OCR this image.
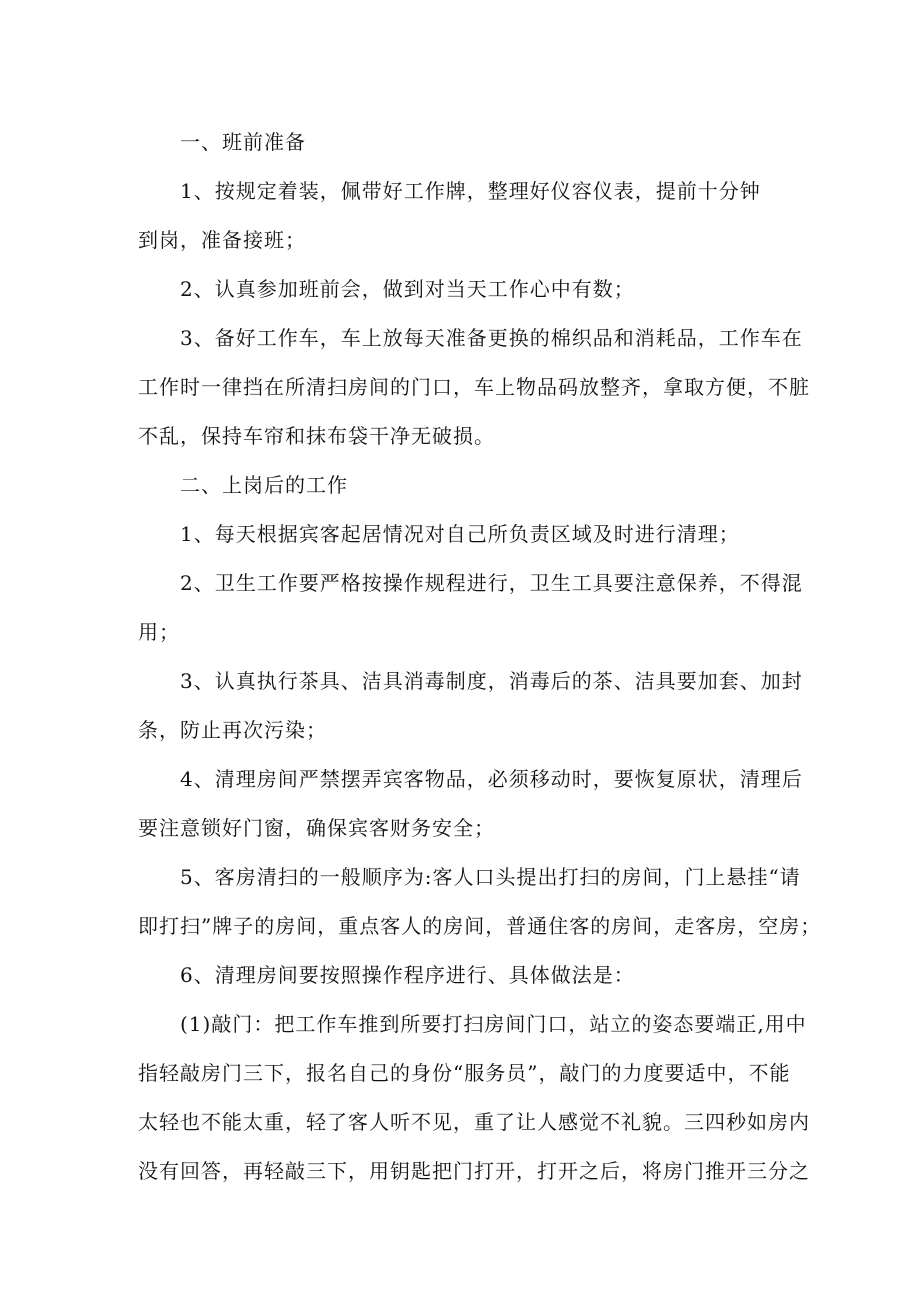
一、班前准备

1、按规定着装，佩带好工作牌，整理好仪容仪表，提前十分钟

到岗，准备接班；

2、认真参加班前会，做到对当天工作心中有数；

3、备好工作车，车上放每天准备更换的棉织品和消耗品，工作车在

工作时一律挡在所清扫房间的门口，车上物品码放整齐，拿取方便，不脏
不乱，保持车帘和抹布袋干净无破损。

二、上岗后的工作

1、每天根据宾客起居情况对自己所负责区域及时进行清理；

2、卫生工作要严格按操作规程进行，卫生工具要注意保养，不得混

用；

3、认真执行茶具、洁具消毒制度，消毒后的茶、洁具要加套、加封

条，防止再次污染；

4、清理房间严禁摆弄宾客物品，必须移动时，要恢复原状，清理后

要注意锁好门窗，确保宾客财务安全；

5、客房清扫的一般顺序为:客人口头提出打扫的房间，门上悬挂“请

即打扫”牌子的房间，重点客人的房间，普通住客的房间，走客房，空房；

6、清理房间要按照操作程序进行、具体做法是：

(1)敲门：把工作车推到所要打扫房间门口，站立的姿态要端正,用中

指轻敲房门三下，报名自己的身份“服务员”，敲门的力度要适中，不能
太轻也不能太重，轻了客人听不见，重了让人感觉不礼貌。三四秒如房内
没有回答，再轻敲三下，用钥匙把门打开，打开之后，将房门推开三分之
